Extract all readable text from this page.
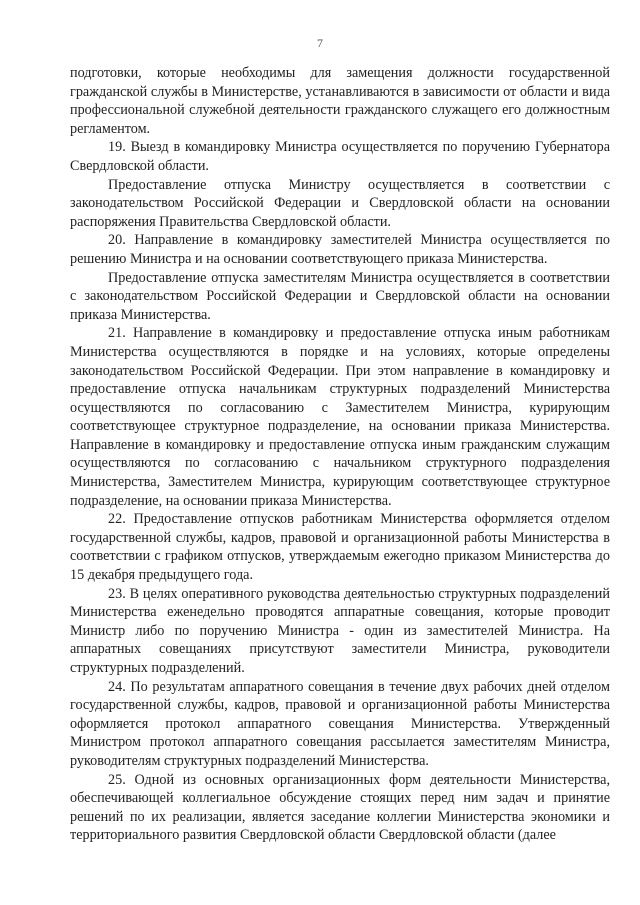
7

подготовки, которые необходимы для замещения должности государственной гражданской службы в Министерстве, устанавливаются в зависимости от области и вида профессиональной служебной деятельности гражданского служащего его должностным регламентом.

19. Выезд в командировку Министра осуществляется по поручению Губернатора Свердловской области.

Предоставление отпуска Министру осуществляется в соответствии с законодательством Российской Федерации и Свердловской области на основании распоряжения Правительства Свердловской области.

20. Направление в командировку заместителей Министра осуществляется по решению Министра и на основании соответствующего приказа Министерства.

Предоставление отпуска заместителям Министра осуществляется в соответствии с законодательством Российской Федерации и Свердловской области на основании приказа Министерства.

21. Направление в командировку и предоставление отпуска иным работникам Министерства осуществляются в порядке и на условиях, которые определены законодательством Российской Федерации. При этом направление в командировку и предоставление отпуска начальникам структурных подразделений Министерства осуществляются по согласованию с Заместителем Министра, курирующим соответствующее структурное подразделение, на основании приказа Министерства. Направление в командировку и предоставление отпуска иным гражданским служащим осуществляются по согласованию с начальником структурного подразделения Министерства, Заместителем Министра, курирующим соответствующее структурное подразделение, на основании приказа Министерства.

22. Предоставление отпусков работникам Министерства оформляется отделом государственной службы, кадров, правовой и организационной работы Министерства в соответствии с графиком отпусков, утверждаемым ежегодно приказом Министерства до 15 декабря предыдущего года.

23. В целях оперативного руководства деятельностью структурных подразделений Министерства еженедельно проводятся аппаратные совещания, которые проводит Министр либо по поручению Министра - один из заместителей Министра. На аппаратных совещаниях присутствуют заместители Министра, руководители структурных подразделений.

24. По результатам аппаратного совещания в течение двух рабочих дней отделом государственной службы, кадров, правовой и организационной работы Министерства оформляется протокол аппаратного совещания Министерства. Утвержденный Министром протокол аппаратного совещания рассылается заместителям Министра, руководителям структурных подразделений Министерства.

25. Одной из основных организационных форм деятельности Министерства, обеспечивающей коллегиальное обсуждение стоящих перед ним задач и принятие решений по их реализации, является заседание коллегии Министерства экономики и территориального развития Свердловской области Свердловской области (далее
